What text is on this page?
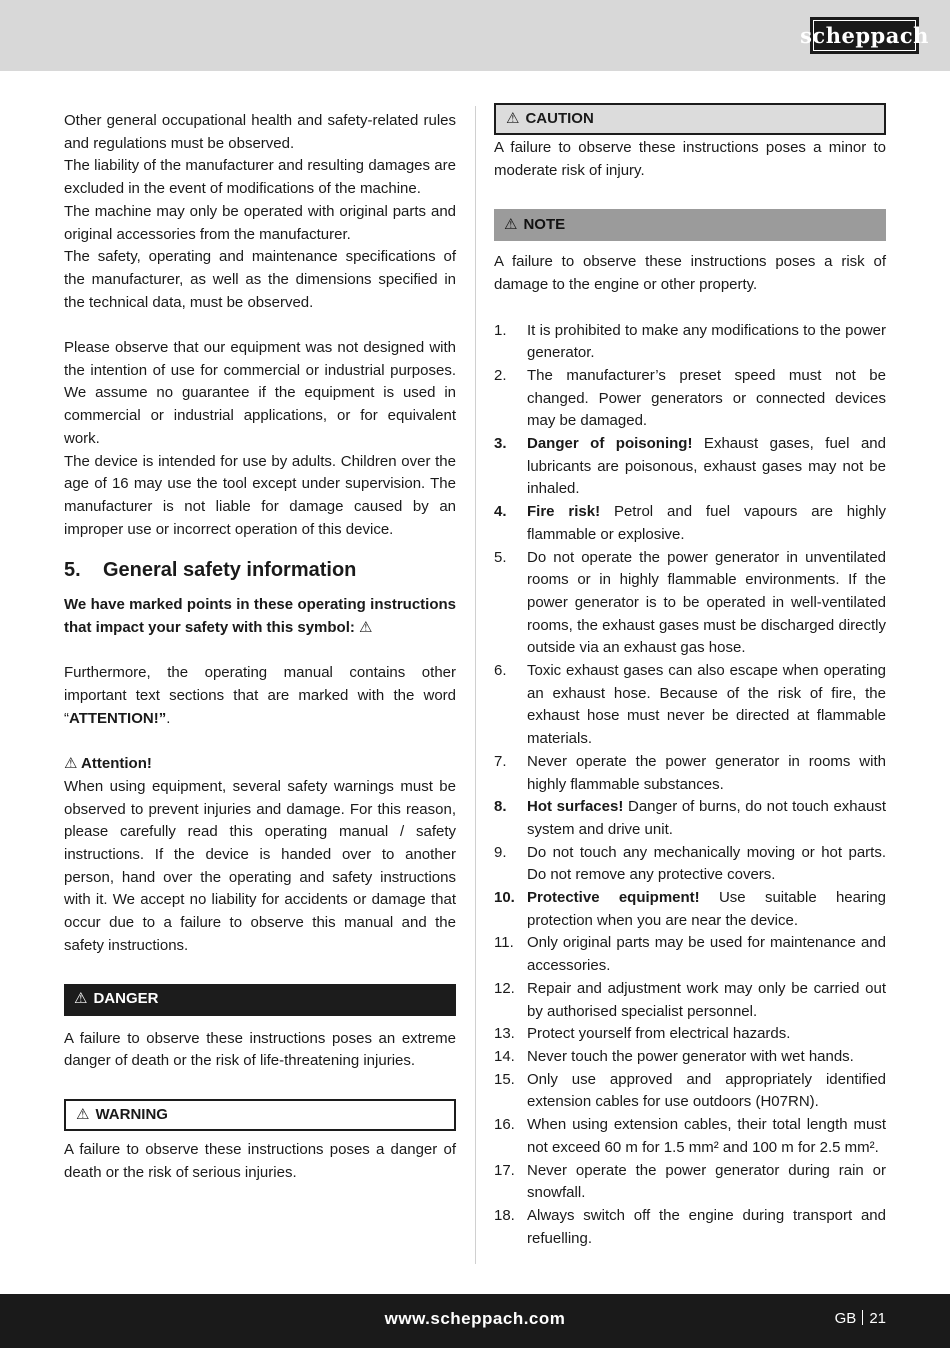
scheppach

Other general occupational health and safety-related rules and regulations must be observed.

The liability of the manufacturer and resulting damages are excluded in the event of modifications of the machine.

The machine may only be operated with original parts and original accessories from the manufacturer.

The safety, operating and maintenance specifications of the manufacturer, as well as the dimensions specified in the technical data, must be observed.

Please observe that our equipment was not designed with the intention of use for commercial or industrial purposes. We assume no guarantee if the equipment is used in commercial or industrial applications, or for equivalent work.

The device is intended for use by adults. Children over the age of 16 may use the tool except under supervision. The manufacturer is not liable for damage caused by an improper use or incorrect operation of this device.

5.	General safety information

We have marked points in these operating instructions that impact your safety with this symbol: ⚠

Furthermore, the operating manual contains other important text sections that are marked with the word “ATTENTION!”.

⚠ Attention!

When using equipment, several safety warnings must be observed to prevent injuries and damage. For this reason, please carefully read this operating manual / safety instructions. If the device is handed over to another person, hand over the operating and safety instructions with it. We accept no liability for accidents or damage that occur due to a failure to observe this manual and the safety instructions.

⚠ DANGER

A failure to observe these instructions poses an extreme danger of death or the risk of life-threatening injuries.

⚠ WARNING

A failure to observe these instructions poses a danger of death or the risk of serious injuries.

⚠ CAUTION

A failure to observe these instructions poses a minor to moderate risk of injury.

⚠ NOTE

A failure to observe these instructions poses a risk of damage to the engine or other property.

1.	It is prohibited to make any modifications to the power generator.
2.	The manufacturer’s preset speed must not be changed. Power generators or connected devices may be damaged.
3.	Danger of poisoning! Exhaust gases, fuel and lubricants are poisonous, exhaust gases may not be inhaled.
4.	Fire risk! Petrol and fuel vapours are highly flammable or explosive.
5.	Do not operate the power generator in unventilated rooms or in highly flammable environments. If the power generator is to be operated in well-ventilated rooms, the exhaust gases must be discharged directly outside via an exhaust gas hose.
6.	Toxic exhaust gases can also escape when operating an exhaust hose. Because of the risk of fire, the exhaust hose must never be directed at flammable materials.
7.	Never operate the power generator in rooms with highly flammable substances.
8.	Hot surfaces! Danger of burns, do not touch exhaust system and drive unit.
9.	Do not touch any mechanically moving or hot parts. Do not remove any protective covers.
10. Protective equipment! Use suitable hearing protection when you are near the device.
11. Only original parts may be used for maintenance and accessories.
12. Repair and adjustment work may only be carried out by authorised specialist personnel.
13. Protect yourself from electrical hazards.
14. Never touch the power generator with wet hands.
15. Only use approved and appropriately identified extension cables for use outdoors (H07RN).
16. When using extension cables, their total length must not exceed 60 m for 1.5 mm² and 100 m for 2.5 mm².
17. Never operate the power generator during rain or snowfall.
18. Always switch off the engine during transport and refuelling.
www.scheppach.com	GB 21
